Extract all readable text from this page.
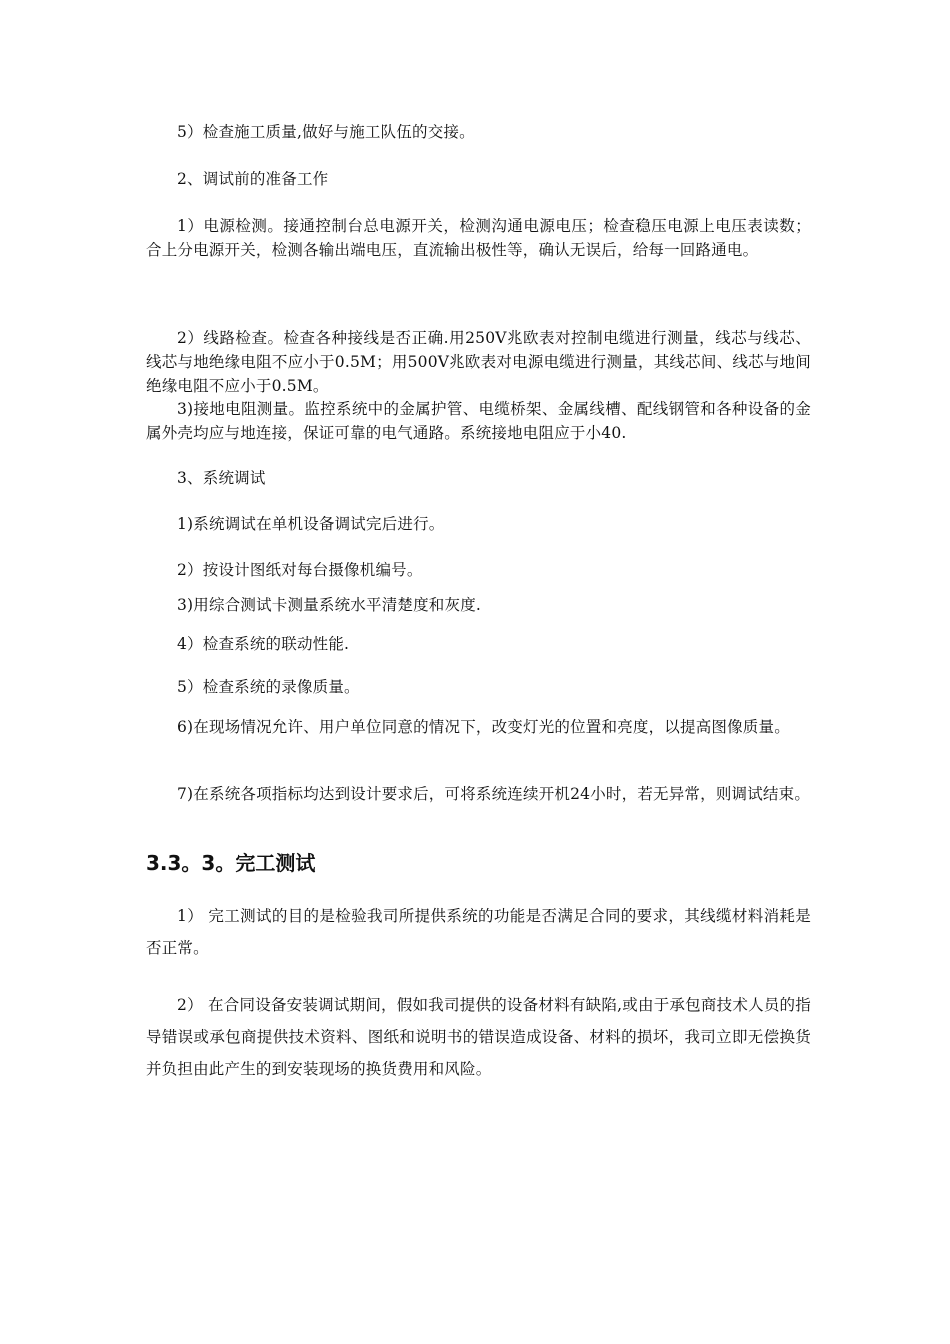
5）检查施工质量,做好与施工队伍的交接。

2、调试前的准备工作

1）电源检测。接通控制台总电源开关，检测沟通电源电压；检查稳压电源上电压表读数；合上分电源开关，检测各输出端电压，直流输出极性等，确认无误后，给每一回路通电。

2）线路检查。检查各种接线是否正确.用250V兆欧表对控制电缆进行测量，线芯与线芯、线芯与地绝缘电阻不应小于0.5M；用500V兆欧表对电源电缆进行测量，其线芯间、线芯与地间绝缘电阻不应小于0.5M。

3)接地电阻测量。监控系统中的金属护管、电缆桥架、金属线槽、配线钢管和各种设备的金属外壳均应与地连接，保证可靠的电气通路。系统接地电阻应于小40.

3、系统调试

1)系统调试在单机设备调试完后进行。

2）按设计图纸对每台摄像机编号。

3)用综合测试卡测量系统水平清楚度和灰度.

4）检查系统的联动性能.

5）检查系统的录像质量。

6)在现场情况允许、用户单位同意的情况下，改变灯光的位置和亮度，以提高图像质量。

7)在系统各项指标均达到设计要求后，可将系统连续开机24小时，若无异常，则调试结束。

3.3。3。完工测试

1） 完工测试的目的是检验我司所提供系统的功能是否满足合同的要求，其线缆材料消耗是否正常。

2） 在合同设备安装调试期间，假如我司提供的设备材料有缺陷,或由于承包商技术人员的指导错误或承包商提供技术资料、图纸和说明书的错误造成设备、材料的损坏，我司立即无偿换货并负担由此产生的到安装现场的换货费用和风险。
